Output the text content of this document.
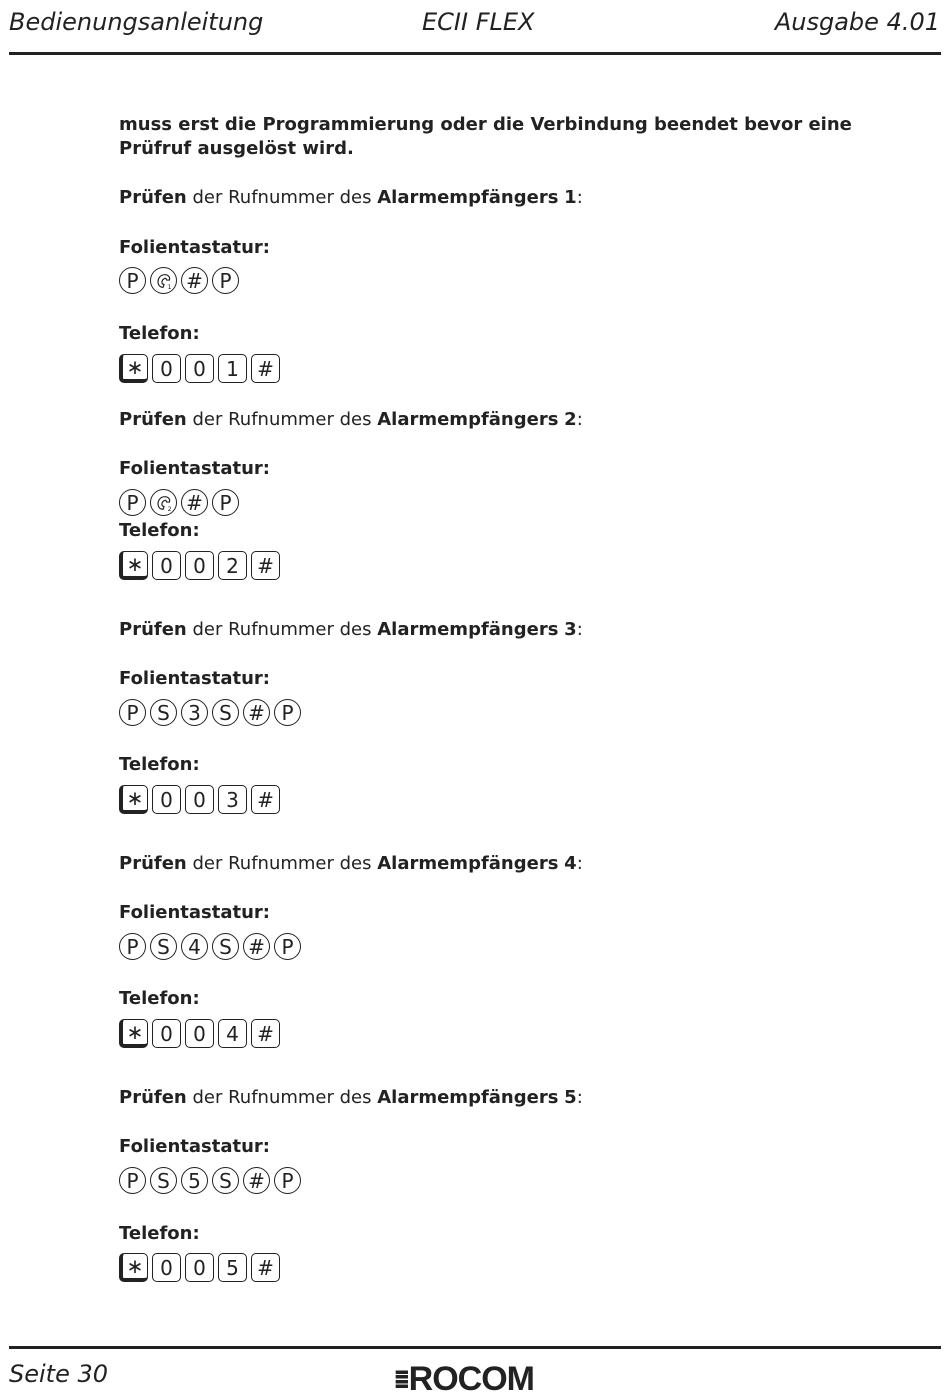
Bedienungsanleitung	ECII FLEX	Ausgabe 4.01
muss erst die Programmierung oder die Verbindung beendet bevor eine Prüfruf ausgelöst wird.
Prüfen der Rufnummer des Alarmempfängers 1:
Folientastatur:
P	1 # P
Telefon:
∗ 0	0	1 #
Prüfen der Rufnummer des Alarmempfängers 2:
Folientastatur:
P	2 # P
Telefon:
∗ 0	0	2 #
Prüfen der Rufnummer des Alarmempfängers 3:
Folientastatur:
P S 3 S # P
Telefon:
∗ 0	0	3 #
Prüfen der Rufnummer des Alarmempfängers 4:
Folientastatur:
P S 4 S # P
Telefon:
∗ 0	0	4 #
Prüfen der Rufnummer des Alarmempfängers 5:
Folientastatur:
P S 5 S # P
Telefon:
∗ 0	0	5 #
Seite 30	⁞⁞⁞ ROCOM
